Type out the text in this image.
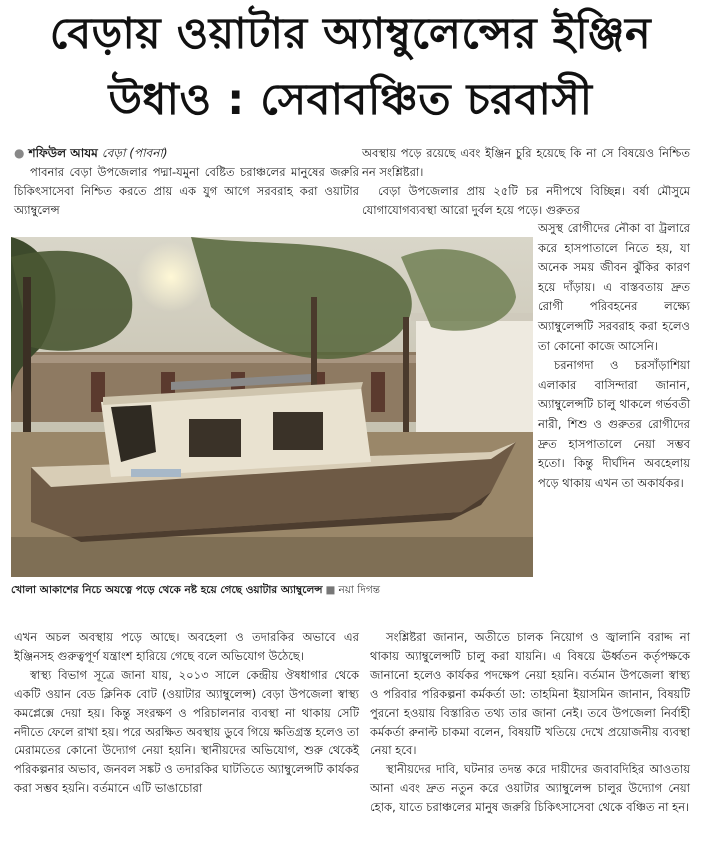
বেড়ায় ওয়াটার অ্যাম্বুলেন্সের ইঞ্জিন
উধাও : সেবাবঞ্চিত চরবাসী
● শফিউল আযম বেড়া (পাবনা)

পাবনার বেড়া উপজেলার পদ্মা-যমুনা বেষ্টিত চরাঞ্চলের মানুষের জরুরি চিকিৎসাসেবা নিশ্চিত করতে প্রায় এক যুগ আগে সরবরাহ করা ওয়াটার অ্যাম্বুলেন্স

অবস্থায় পড়ে রয়েছে এবং ইঞ্জিন চুরি হয়েছে কি না সে বিষয়েও নিশ্চিত নন সংশ্লিষ্টরা।

বেড়া উপজেলার প্রায় ২৫টি চর নদীপথে বিচ্ছিন্ন। বর্ষা মৌসুমে যোগাযোগব্যবস্থা আরো দুর্বল হয়ে পড়ে। গুরুতর

খোলা আকাশের নিচে অযত্নে পড়ে থেকে নষ্ট হয়ে গেছে ওয়াটার অ্যাম্বুলেন্স ■ নয়া দিগন্ত

অসুস্থ রোগীদের নৌকা বা ট্রলারে করে হাসপাতালে নিতে হয়, যা অনেক সময় জীবন ঝুঁকির কারণ হয়ে দাঁড়ায়। এ বাস্তবতায় দ্রুত রোগী পরিবহনের লক্ষ্যে অ্যাম্বুলেন্সটি সরবরাহ করা হলেও তা কোনো কাজে আসেনি।

চরনাগদা ও চরসাঁড়াশিয়া এলাকার বাসিন্দারা জানান, অ্যাম্বুলেন্সটি চালু থাকলে গর্ভবতী নারী, শিশু ও গুরুতর রোগীদের দ্রুত হাসপাতালে নেয়া সম্ভব হতো। কিন্তু দীর্ঘদিন অবহেলায় পড়ে থাকায় এখন তা অকার্যকর।

এখন অচল অবস্থায় পড়ে আছে। অবহেলা ও তদারকির অভাবে এর ইঞ্জিনসহ গুরুত্বপূর্ণ যন্ত্রাংশ হারিয়ে গেছে বলে অভিযোগ উঠেছে।

স্বাস্থ্য বিভাগ সূত্রে জানা যায়, ২০১৩ সালে কেন্দ্রীয় ঔষধাগার থেকে একটি ওয়ান বেড ক্লিনিক বোট (ওয়াটার অ্যাম্বুলেন্স) বেড়া উপজেলা স্বাস্থ্য কমপ্লেক্সে দেয়া হয়। কিন্তু সংরক্ষণ ও পরিচালনার ব্যবস্থা না থাকায় সেটি নদীতে ফেলে রাখা হয়। পরে অরক্ষিত অবস্থায় ডুবে গিয়ে ক্ষতিগ্রস্ত হলেও তা মেরামতের কোনো উদ্যোগ নেয়া হয়নি। স্থানীয়দের অভিযোগ, শুরু থেকেই পরিকল্পনার অভাব, জনবল সঙ্কট ও তদারকির ঘাটতিতে অ্যাম্বুলেন্সটি কার্যকর করা সম্ভব হয়নি। বর্তমানে এটি ভাঙাচোরা

সংশ্লিষ্টরা জানান, অতীতে চালক নিয়োগ ও জ্বালানি বরাদ্দ না থাকায় অ্যাম্বুলেন্সটি চালু করা যায়নি। এ বিষয়ে ঊর্ধ্বতন কর্তৃপক্ষকে জানানো হলেও কার্যকর পদক্ষেপ নেয়া হয়নি। বর্তমান উপজেলা স্বাস্থ্য ও পরিবার পরিকল্পনা কর্মকর্তা ডা: তাহমিনা ইয়াসমিন জানান, বিষয়টি পুরনো হওয়ায় বিস্তারিত তথ্য তার জানা নেই। তবে উপজেলা নির্বাহী কর্মকর্তা রুনাল্ট চাকমা বলেন, বিষয়টি খতিয়ে দেখে প্রয়োজনীয় ব্যবস্থা নেয়া হবে।

স্থানীয়দের দাবি, ঘটনার তদন্ত করে দায়ীদের জবাবদিহির আওতায় আনা এবং দ্রুত নতুন করে ওয়াটার অ্যাম্বুলেন্স চালুর উদ্যোগ নেয়া হোক, যাতে চরাঞ্চলের মানুষ জরুরি চিকিৎসাসেবা থেকে বঞ্চিত না হন।
